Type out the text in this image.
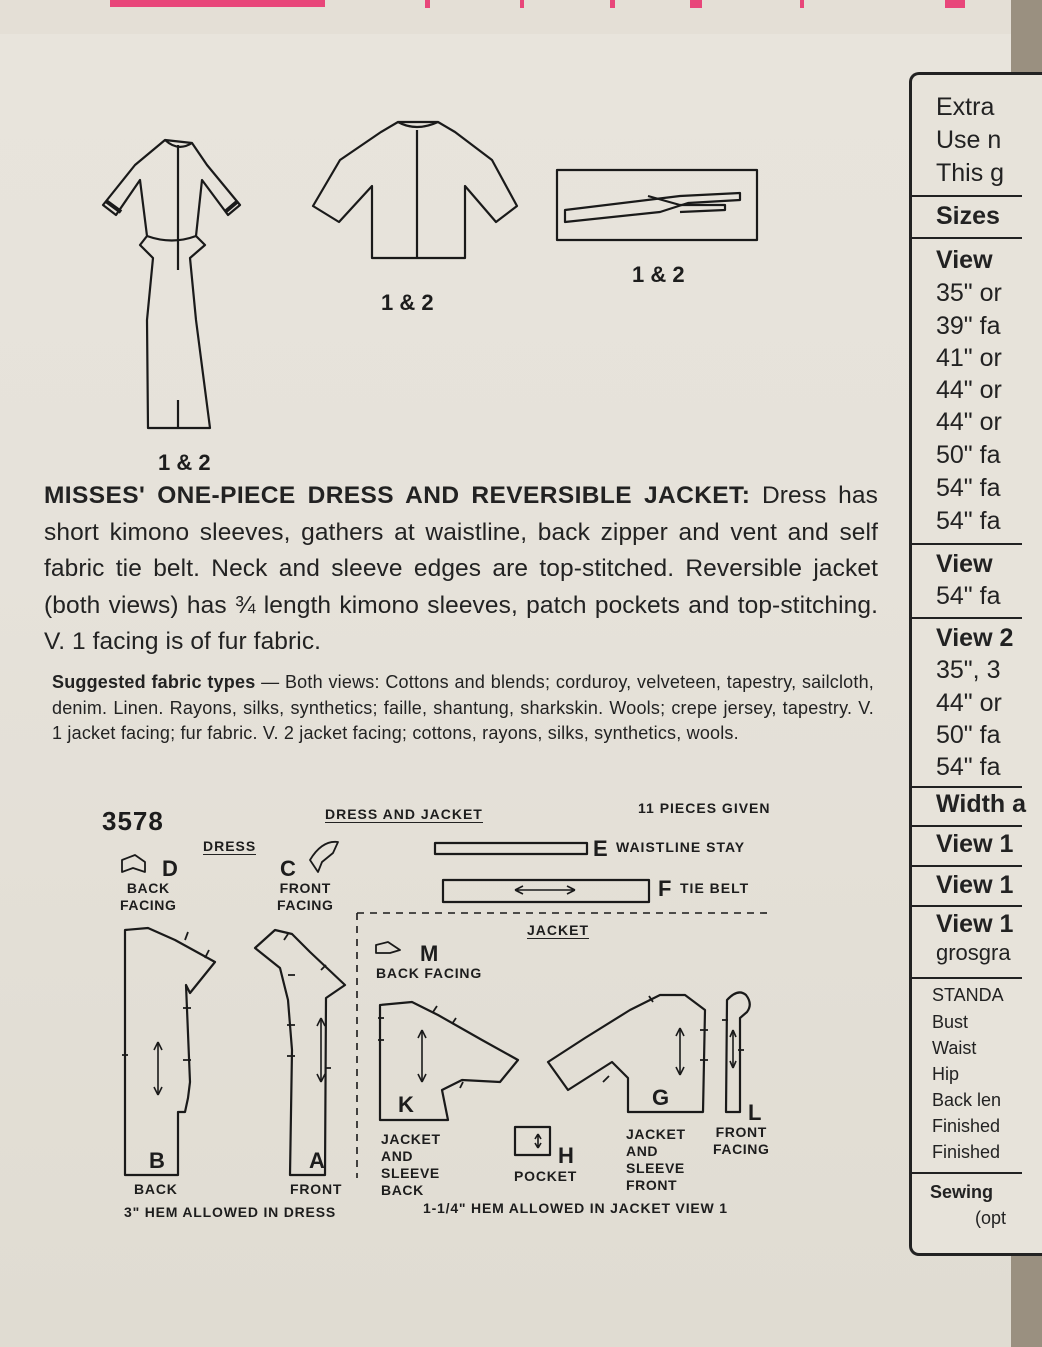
1 & 2
1 & 2
1 & 2
MISSES' ONE-PIECE DRESS AND REVERSIBLE JACKET: Dress has short kimono sleeves, gathers at waistline, back zipper and vent and self fabric tie belt. Neck and sleeve edges are top-stitched. Reversible jacket (both views) has ¾ length kimono sleeves, patch pockets and top-stitching. V. 1 facing is of fur fabric.
Suggested fabric types — Both views: Cottons and blends; corduroy, velveteen, tapestry, sailcloth, denim. Linen. Rayons, silks, synthetics; faille, shantung, sharkskin. Wools; crepe jersey, tapestry. V. 1 jacket facing; fur fabric. V. 2 jacket facing; cottons, rayons, silks, synthetics, wools.
3578
DRESS
DRESS AND JACKET	11 PIECES GIVEN
JACKET
D
BACK
FACING
C
FRONT
FACING
E WAISTLINE STAY
F TIE BELT
M
BACK FACING
B
BACK
A
FRONT
K
JACKET
AND
SLEEVE
BACK
H
POCKET
G
JACKET
AND
SLEEVE
FRONT
L
FRONT
FACING
3" HEM ALLOWED IN DRESS	1-1/4" HEM ALLOWED IN JACKET VIEW 1
Extra
Use n
This g
Sizes
View
35" or
39" fa
41" or
44" or
44" or
50" fa
54" fa
54" fa
View
54" fa
View 2
35", 3
44" or
50" fa
54" fa
Width a
View 1
View 1
View 1
grosgra
STANDA
Bust
Waist
Hip
Back len
Finished
Finished
Sewing
(opt
